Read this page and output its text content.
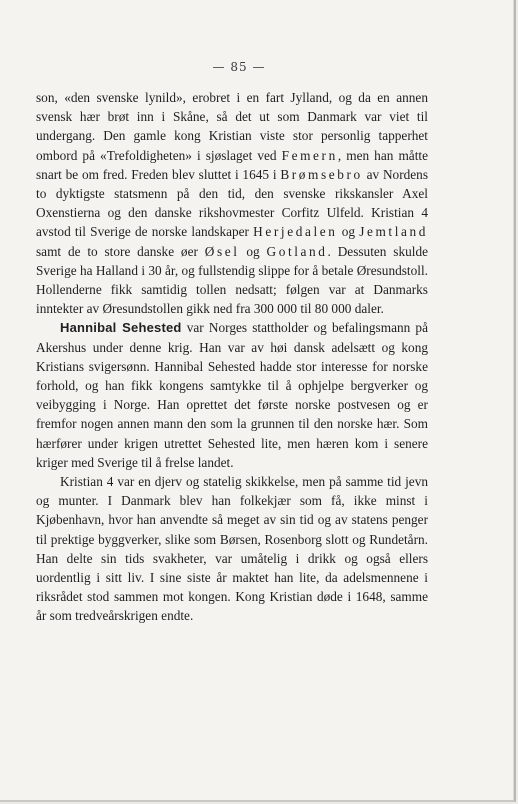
— 85 —

son, «den svenske lynild», erobret i en fart Jylland, og da en annen svensk hær brøt inn i Skåne, så det ut som Danmark var viet til undergang. Den gamle kong Kristian viste stor personlig tapperhet ombord på «Trefoldigheten» i sjøslaget ved Femern, men han måtte snart be om fred. Freden blev sluttet i 1645 i Brømsebro av Nordens to dyktigste statsmenn på den tid, den svenske rikskansler Axel Oxenstierna og den danske rikshovmester Corfitz Ulfeld. Kristian 4 avstod til Sverige de norske landskaper Herjedalen og Jemtland samt de to store danske øer Øsel og Gotland. Dessuten skulde Sverige ha Halland i 30 år, og fullstendig slippe for å betale Øresundstoll. Hollenderne fikk samtidig tollen nedsatt; følgen var at Danmarks inntekter av Øresundstollen gikk ned fra 300 000 til 80 000 daler.

Hannibal Sehested var Norges stattholder og befalingsmann på Akershus under denne krig. Han var av høi dansk adelsætt og kong Kristians svigersønn. Hannibal Sehested hadde stor interesse for norske forhold, og han fikk kongens samtykke til å ophjelpe bergverker og veibygging i Norge. Han oprettet det første norske postvesen og er fremfor nogen annen mann den som la grunnen til den norske hær. Som hærfører under krigen utrettet Sehested lite, men hæren kom i senere kriger med Sverige til å frelse landet.

Kristian 4 var en djerv og statelig skikkelse, men på samme tid jevn og munter. I Danmark blev han folkekjær som få, ikke minst i Kjøbenhavn, hvor han anvendte så meget av sin tid og av statens penger til prektige byggverker, slike som Børsen, Rosenborg slott og Rundetårn. Han delte sin tids svakheter, var umåtelig i drikk og også ellers uordentlig i sitt liv. I sine siste år maktet han lite, da adelsmennene i riksrådet stod sammen mot kongen. Kong Kristian døde i 1648, samme år som tredveårskrigen endte.
